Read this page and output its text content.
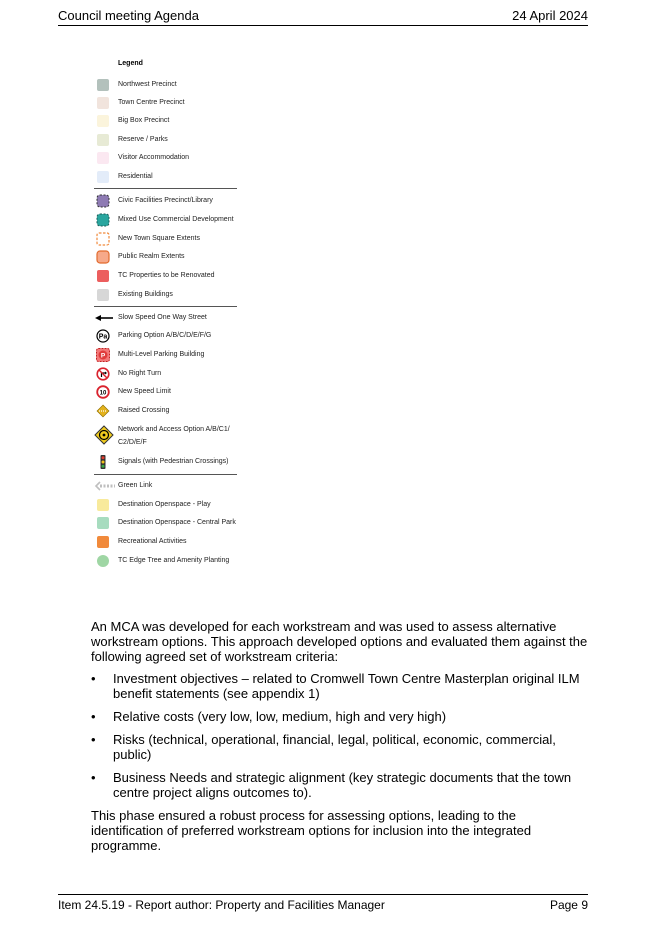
Council meeting Agenda	24 April 2024
Legend
Northwest Precinct
Town Centre Precinct
Big Box Precinct
Reserve / Parks
Visitor Accommodation
Residential
Civic Facilities Precinct/Library
Mixed Use Commercial Development
New Town Square Extents
Public Realm Extents
TC Properties to be Renovated
Existing Buildings
Slow Speed One Way Street
Pa Parking Option A/B/C/D/E/F/G
P Multi-Level Parking Building
No Right Turn
10 New Speed Limit
Raised Crossing
Network and Access Option A/B/C1/ C2/D/E/F
Signals (with Pedestrian Crossings)
Green Link
Destination Openspace - Play
Destination Openspace - Central Park
Recreational Activities
TC Edge Tree and Amenity Planting

An MCA was developed for each workstream and was used to assess alternative workstream options. This approach developed options and evaluated them against the following agreed set of workstream criteria:

• Investment objectives – related to Cromwell Town Centre Masterplan original ILM benefit statements (see appendix 1)
• Relative costs (very low, low, medium, high and very high)
• Risks (technical, operational, financial, legal, political, economic, commercial, public)
• Business Needs and strategic alignment (key strategic documents that the town centre project aligns outcomes to).

This phase ensured a robust process for assessing options, leading to the identification of preferred workstream options for inclusion into the integrated programme.

Item 24.5.19 - Report author: Property and Facilities Manager	Page 9
